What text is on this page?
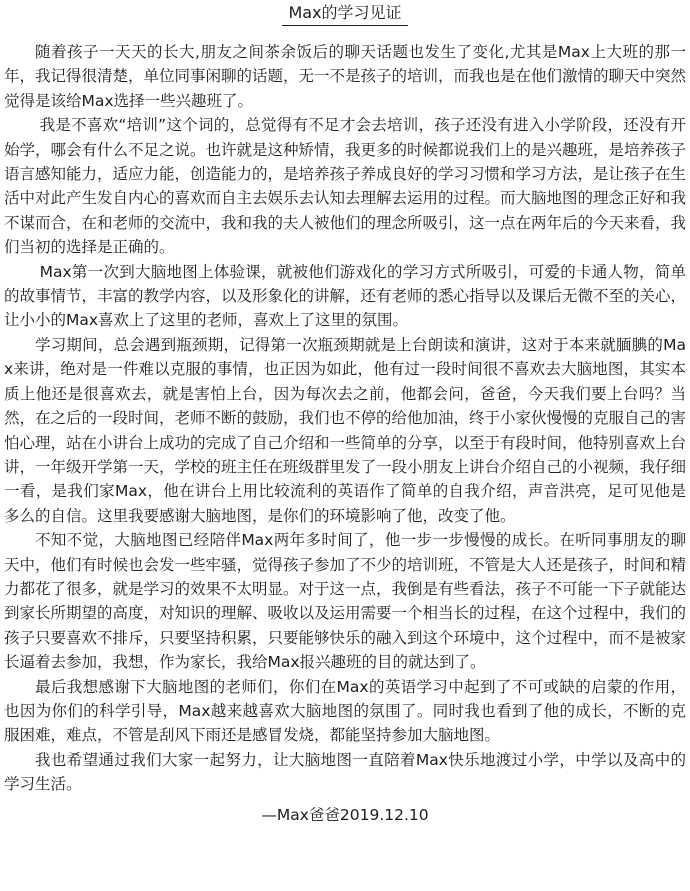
Max的学习见证

随着孩子一天天的长大,朋友之间茶余饭后的聊天话题也发生了变化,尤其是Max上大班的那一年，我记得很清楚，单位同事闲聊的话题，无一不是孩子的培训，而我也是在他们激情的聊天中突然觉得是该给Max选择一些兴趣班了。

我是不喜欢“培训”这个词的，总觉得有不足才会去培训，孩子还没有进入小学阶段，还没有开始学，哪会有什么不足之说。也许就是这种矫情，我更多的时候都说我们上的是兴趣班，是培养孩子语言感知能力，适应力能，创造能力的，是培养孩子养成良好的学习习惯和学习方法，是让孩子在生活中对此产生发自内心的喜欢而自主去娱乐去认知去理解去运用的过程。而大脑地图的理念正好和我不谋而合，在和老师的交流中，我和我的夫人被他们的理念所吸引，这一点在两年后的今天来看，我们当初的选择是正确的。

Max第一次到大脑地图上体验课，就被他们游戏化的学习方式所吸引，可爱的卡通人物，简单的故事情节，丰富的教学内容，以及形象化的讲解，还有老师的悉心指导以及课后无微不至的关心，让小小的Max喜欢上了这里的老师，喜欢上了这里的氛围。

学习期间，总会遇到瓶颈期，记得第一次瓶颈期就是上台朗读和演讲，这对于本来就腼腆的Max来讲，绝对是一件难以克服的事情，也正因为如此，他有过一段时间很不喜欢去大脑地图，其实本质上他还是很喜欢去，就是害怕上台，因为每次去之前，他都会问，爸爸，今天我们要上台吗？当然，在之后的一段时间，老师不断的鼓励，我们也不停的给他加油，终于小家伙慢慢的克服自己的害怕心理，站在小讲台上成功的完成了自己介绍和一些简单的分享，以至于有段时间，他特别喜欢上台讲，一年级开学第一天，学校的班主任在班级群里发了一段小朋友上讲台介绍自己的小视频，我仔细一看，是我们家Max，他在讲台上用比较流利的英语作了简单的自我介绍，声音洪亮，足可见他是多么的自信。这里我要感谢大脑地图，是你们的环境影响了他，改变了他。

不知不觉，大脑地图已经陪伴Max两年多时间了，他一步一步慢慢的成长。在听同事朋友的聊天中，他们有时候也会发一些牢骚，觉得孩子参加了不少的培训班，不管是大人还是孩子，时间和精力都花了很多，就是学习的效果不太明显。对于这一点，我倒是有些看法，孩子不可能一下子就能达到家长所期望的高度，对知识的理解、吸收以及运用需要一个相当长的过程，在这个过程中，我们的孩子只要喜欢不排斥，只要坚持积累，只要能够快乐的融入到这个环境中，这个过程中，而不是被家长逼着去参加，我想，作为家长，我给Max报兴趣班的目的就达到了。

最后我想感谢下大脑地图的老师们，你们在Max的英语学习中起到了不可或缺的启蒙的作用，也因为你们的科学引导，Max越来越喜欢大脑地图的氛围了。同时我也看到了他的成长，不断的克服困难，难点，不管是刮风下雨还是感冒发烧，都能坚持参加大脑地图。

我也希望通过我们大家一起努力，让大脑地图一直陪着Max快乐地渡过小学，中学以及高中的学习生活。

—Max爸爸2019.12.10
